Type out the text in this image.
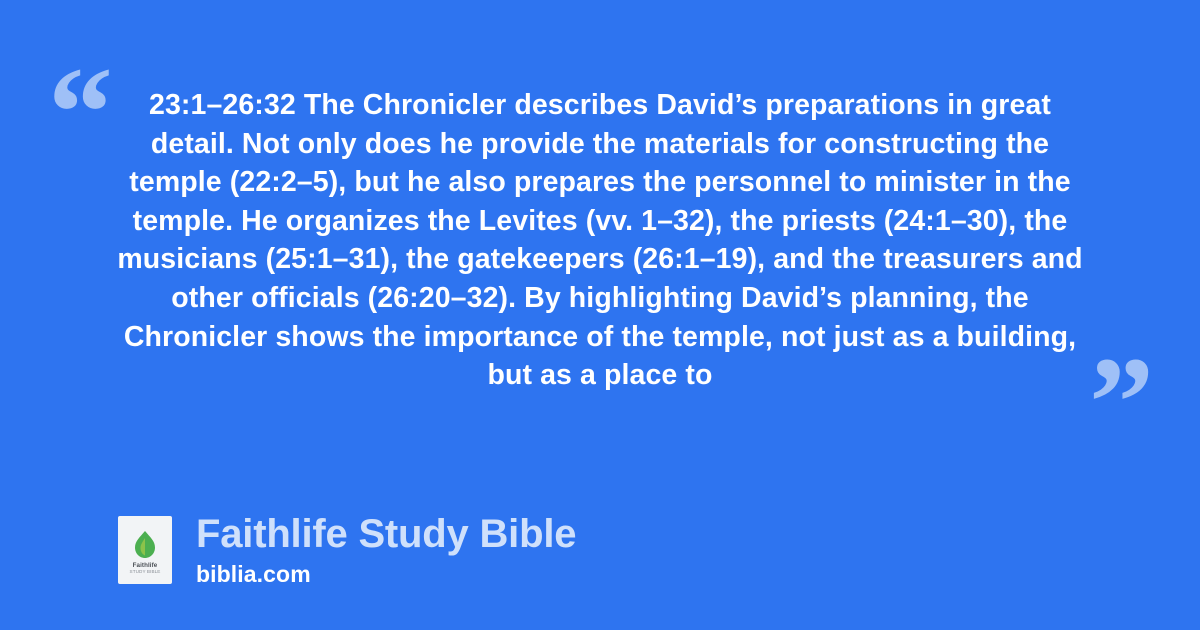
“	23:1–26:32 The Chronicler describes David’s preparations in great detail. Not only does he provide the materials for constructing the temple (22:2–5), but he also prepares the personnel to minister in the temple. He organizes the Levites (vv. 1–32), the priests (24:1–30), the musicians (25:1–31), the gatekeepers (26:1–19), and the treasurers and other officials (26:20–32). By highlighting David’s planning, the Chronicler shows the importance of the temple, not just as a building, but as a place to	”
Faithlife
STUDY BIBLE
Faithlife Study Bible
biblia.com
